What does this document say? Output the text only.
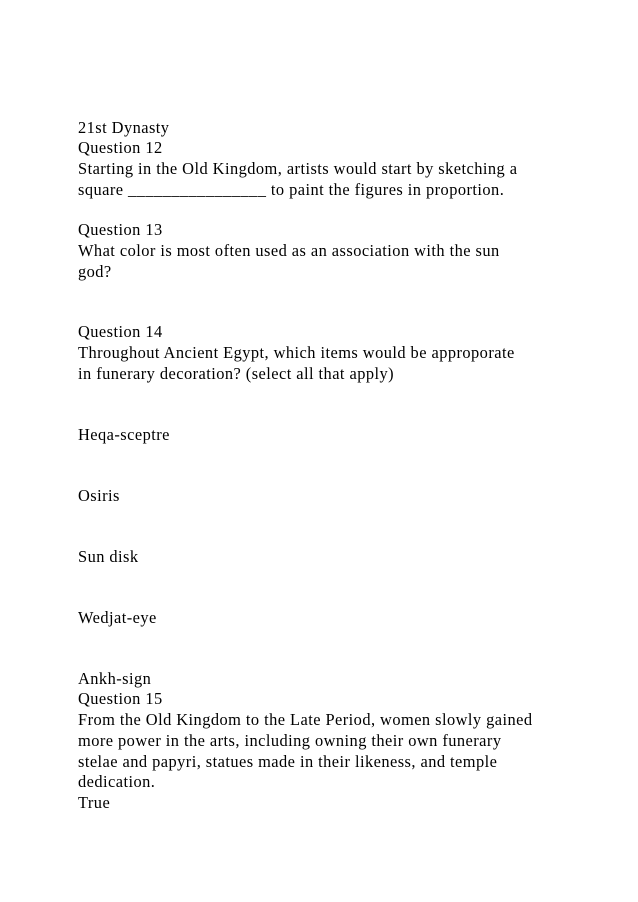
21st Dynasty
Question 12
Starting in the Old Kingdom, artists would start by sketching a
square ________________ to paint the figures in proportion.
Question 13
What color is most often used as an association with the sun
god?
Question 14
Throughout Ancient Egypt, which items would be approporate
in funerary decoration? (select all that apply)
Heqa-sceptre
Osiris
Sun disk
Wedjat-eye
Ankh-sign
Question 15
From the Old Kingdom to the Late Period, women slowly gained
more power in the arts, including owning their own funerary
stelae and papyri, statues made in their likeness, and temple
dedication.
True
